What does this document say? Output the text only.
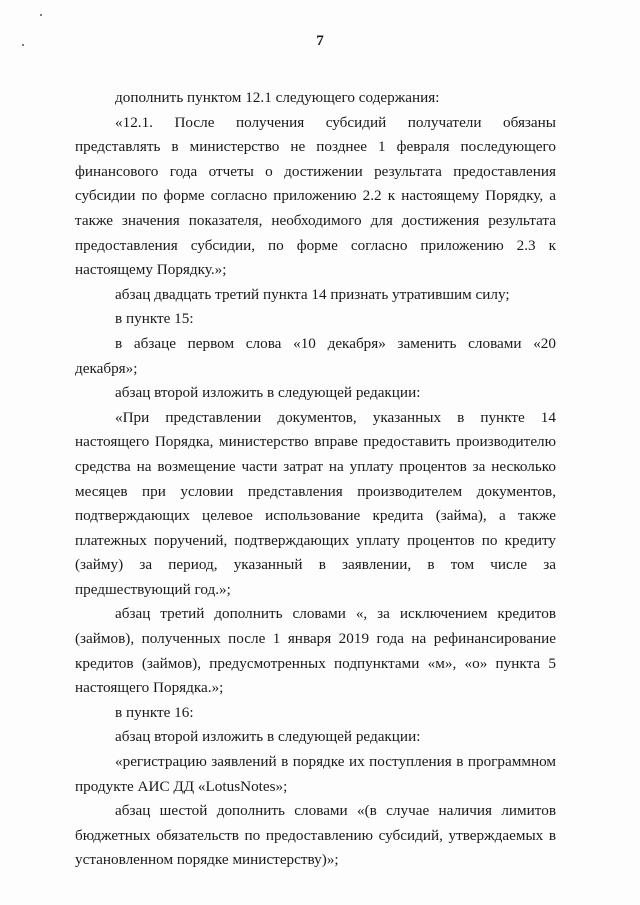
7

дополнить пунктом 12.1 следующего содержания:

«12.1. После получения субсидий получатели обязаны представлять в министерство не позднее 1 февраля последующего финансового года отчеты о достижении результата предоставления субсидии по форме согласно приложению 2.2 к настоящему Порядку, а также значения показателя, необходимого для достижения результата предоставления субсидии, по форме согласно приложению 2.3 к настоящему Порядку.»;

абзац двадцать третий пункта 14 признать утратившим силу;

в пункте 15:

в абзаце первом слова «10 декабря» заменить словами «20 декабря»;

абзац второй изложить в следующей редакции:

«При представлении документов, указанных в пункте 14 настоящего Порядка, министерство вправе предоставить производителю средства на возмещение части затрат на уплату процентов за несколько месяцев при условии представления производителем документов, подтверждающих целевое использование кредита (займа), а также платежных поручений, подтверждающих уплату процентов по кредиту (займу) за период, указанный в заявлении, в том числе за предшествующий год.»;

абзац третий дополнить словами «, за исключением кредитов (займов), полученных после 1 января 2019 года на рефинансирование кредитов (займов), предусмотренных подпунктами «м», «о» пункта 5 настоящего Порядка.»;

в пункте 16:

абзац второй изложить в следующей редакции:

«регистрацию заявлений в порядке их поступления в программном продукте АИС ДД «LotusNotes»;

абзац шестой дополнить словами «(в случае наличия лимитов бюджетных обязательств по предоставлению субсидий, утверждаемых в установленном порядке министерству)»;
